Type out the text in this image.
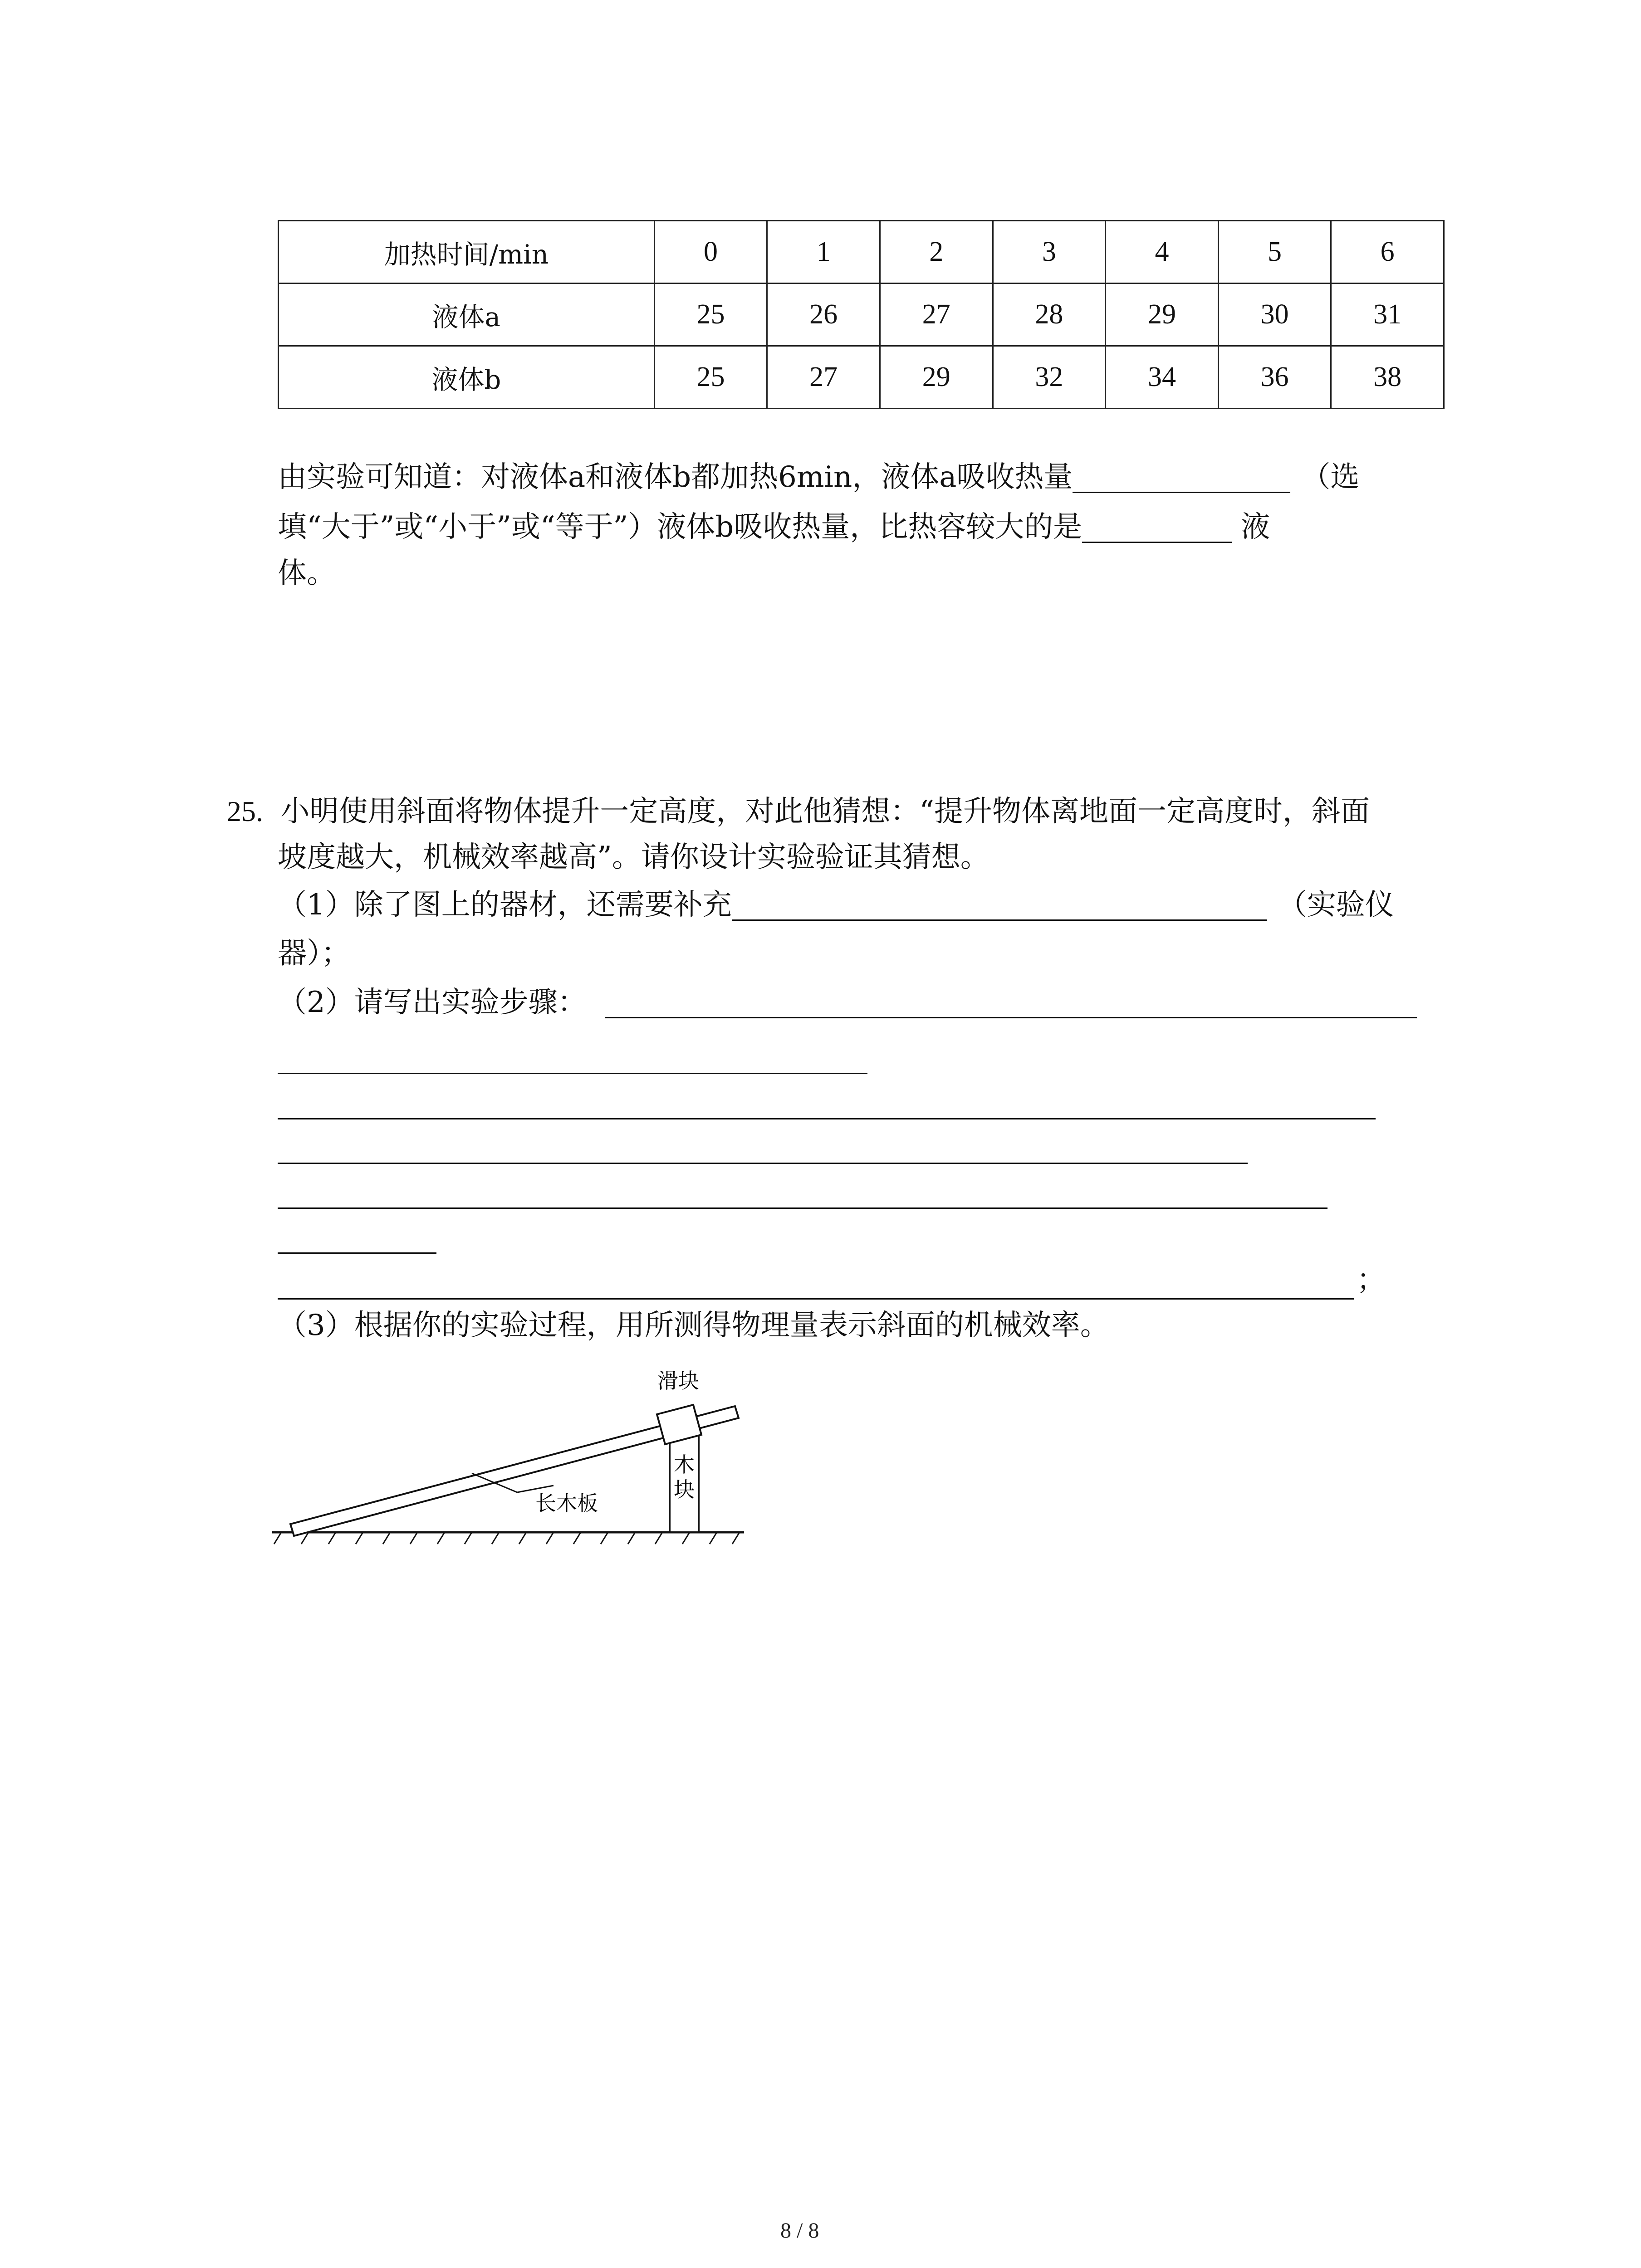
加热时间/min	0	1	2	3	4	5	6
液体a	25	26	27	28	29	30	31
液体b	25	27	29	32	34	36	38
由实验可知道：对液体a和液体b都加热6min，液体a吸收热量	（选
填“大于”或“小于”或“等于”）液体b吸收热量，比热容较大的是	液
体。
25. 小明使用斜面将物体提升一定高度，对此他猜想：“提升物体离地面一定高度时，斜面
坡度越大，机械效率越高”。请你设计实验验证其猜想。
（1）除了图上的器材，还需要补充	（实验仪
器）；
（2）请写出实验步骤：
；
（3）根据你的实验过程，用所测得物理量表示斜面的机械效率。
木
块
滑块
长木板
8 / 8
